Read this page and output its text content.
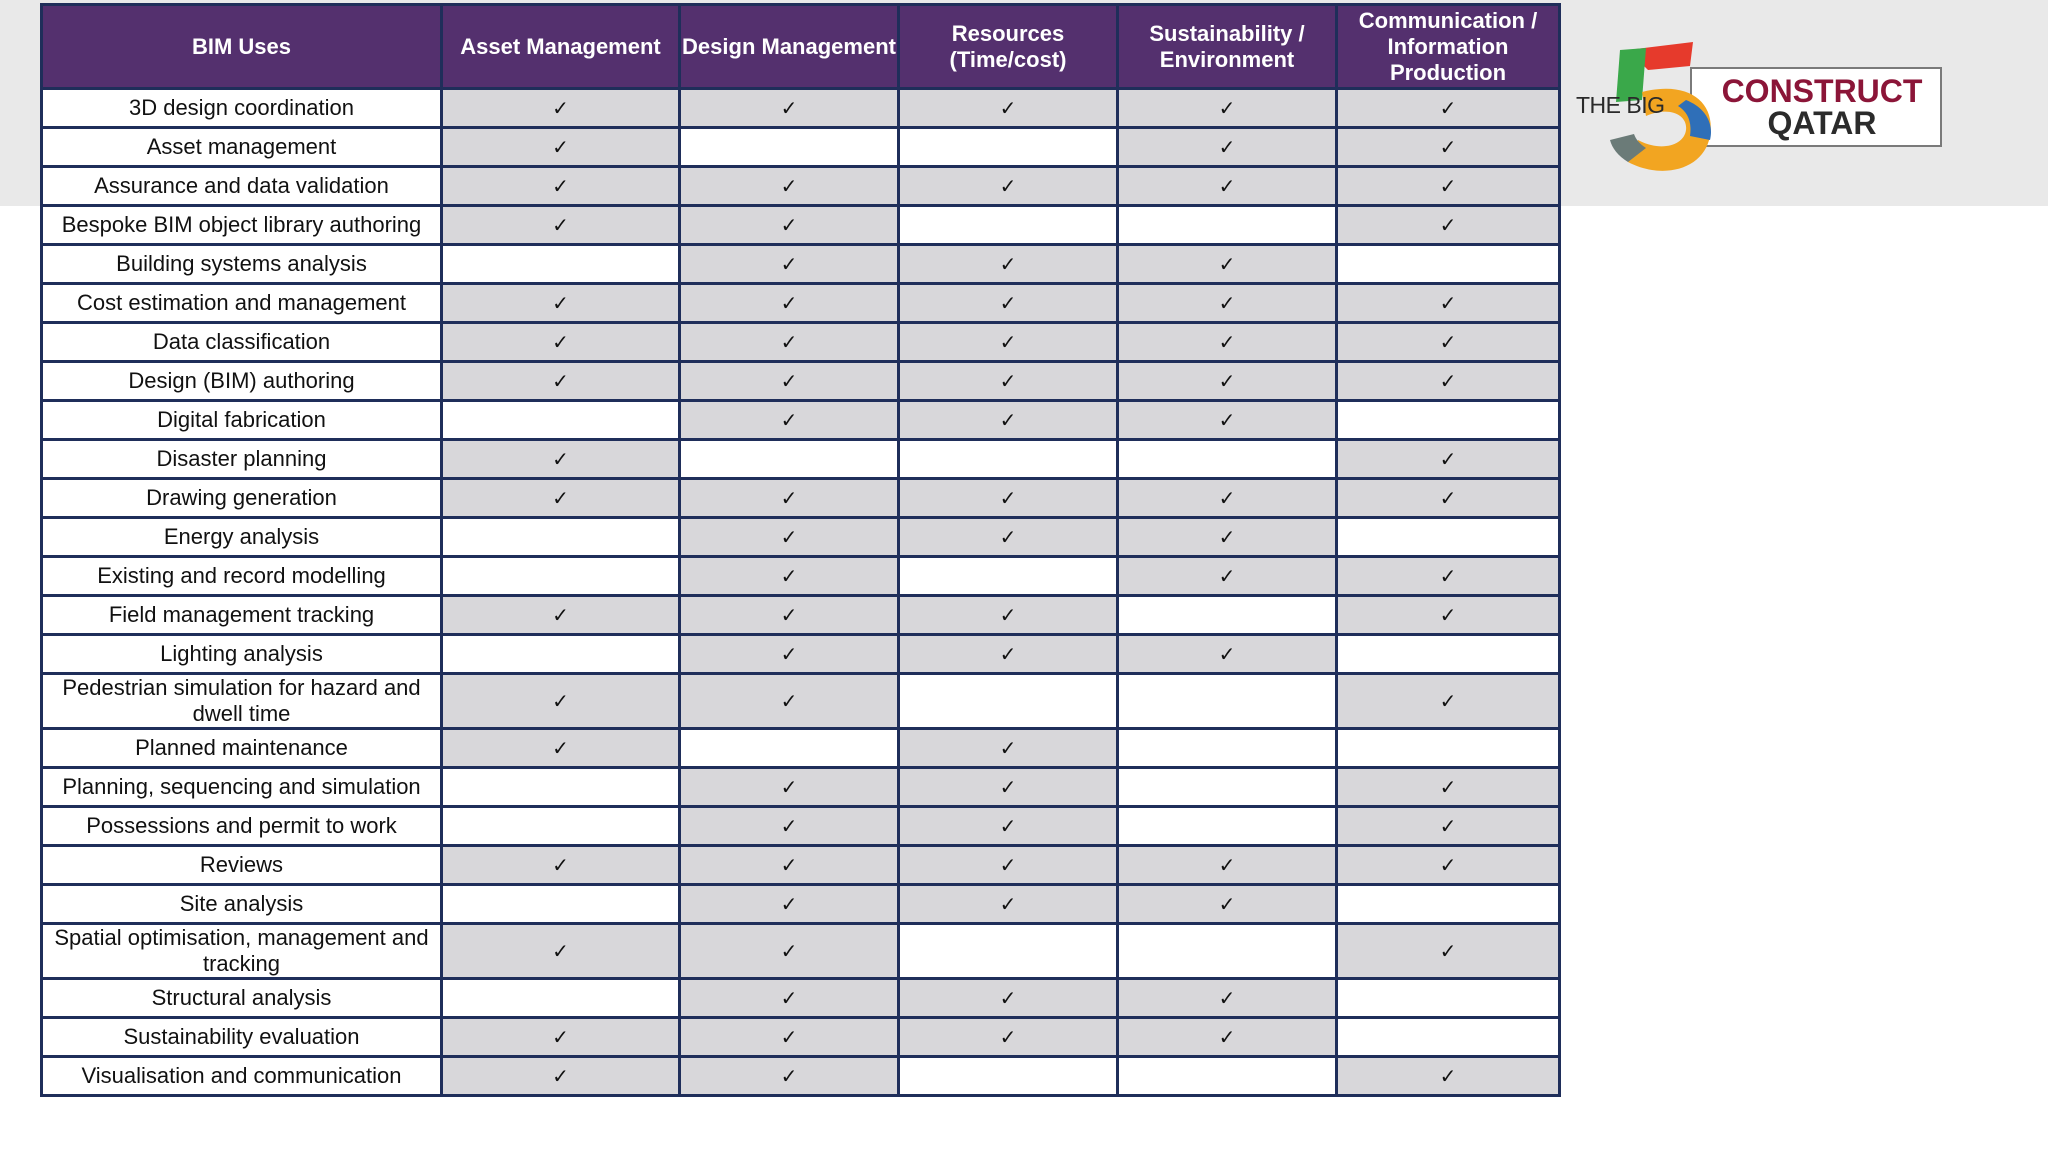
BIM Uses	Asset Management	Design Management	Resources (Time/cost)	Sustainability / Environment	Communication / Information Production
3D design coordination	✓	✓	✓	✓	✓
Asset management	✓			✓	✓
Assurance and data validation	✓	✓	✓	✓	✓
Bespoke BIM object library authoring	✓	✓			✓
Building systems analysis		✓	✓	✓	
Cost estimation and management	✓	✓	✓	✓	✓
Data classification	✓	✓	✓	✓	✓
Design (BIM) authoring	✓	✓	✓	✓	✓
Digital fabrication		✓	✓	✓	
Disaster planning	✓				✓
Drawing generation	✓	✓	✓	✓	✓
Energy analysis		✓	✓	✓	
Existing and record modelling		✓		✓	✓
Field management tracking	✓	✓	✓		✓
Lighting analysis		✓	✓	✓	
Pedestrian simulation for hazard and dwell time	✓	✓			✓
Planned maintenance	✓		✓		
Planning, sequencing and simulation		✓	✓		✓
Possessions and permit to work		✓	✓		✓
Reviews	✓	✓	✓	✓	✓
Site analysis		✓	✓	✓	
Spatial optimisation, management and tracking	✓	✓			✓
Structural analysis		✓	✓	✓	
Sustainability evaluation	✓	✓	✓	✓	
Visualisation and communication	✓	✓			✓
THE BIG CONSTRUCT
QATAR
